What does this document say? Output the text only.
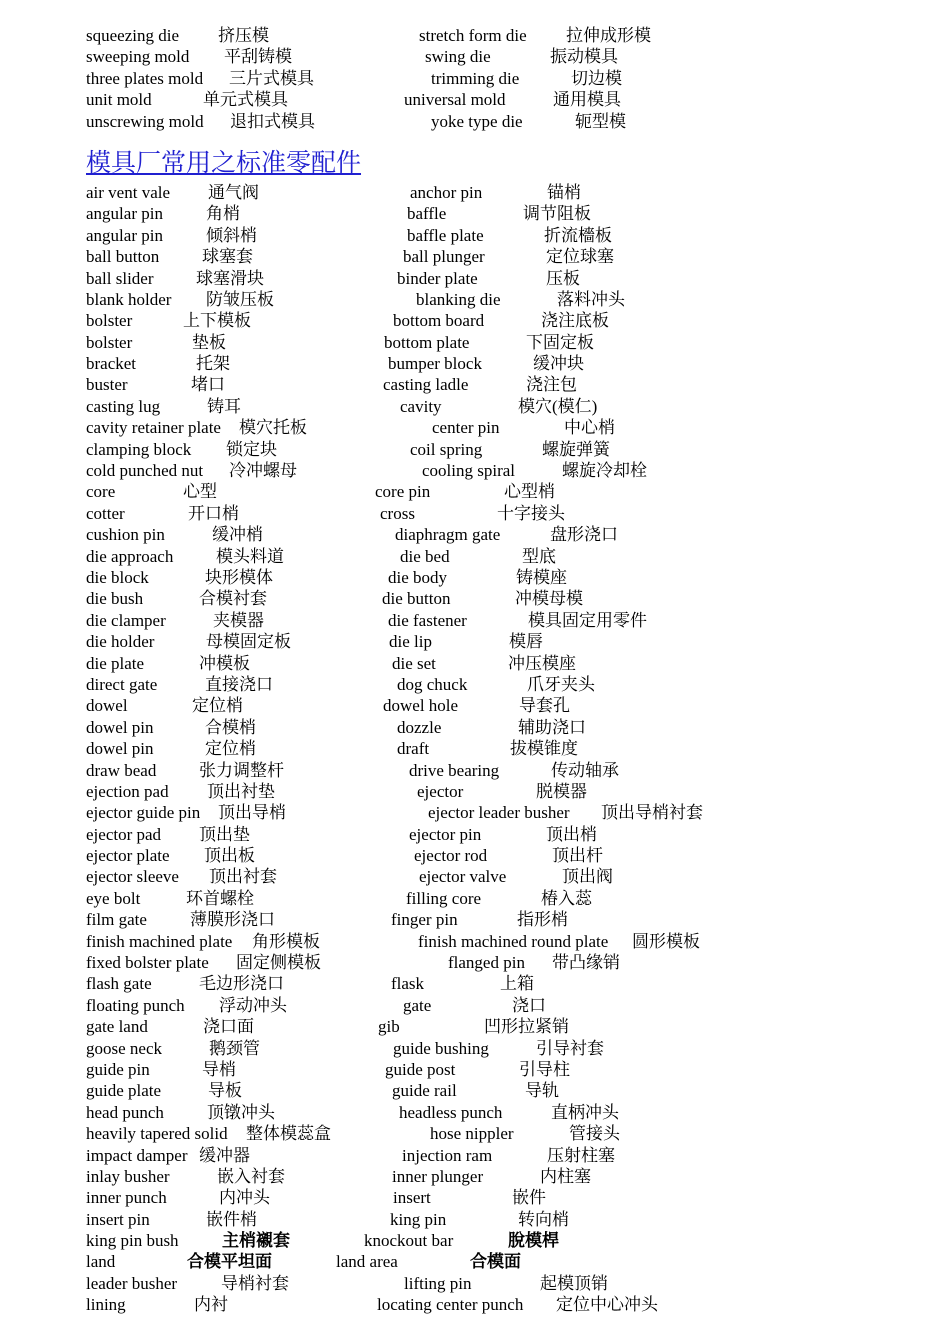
squeezing die 挤压模	stretch form die 拉伸成形模
sweeping mold 平刮铸模	swing die	振动模具
three plates mold 三片式模具	trimming die	切边模
unit mold	单元式模具	universal mold	通用模具
unscrewing mold 退扣式模具	yoke type die	轭型模
模具厂常用之标准零配件
air vent vale 通气阀	anchor pin	锚梢
angular pin	角梢	baffle	调节阻板
angular pin	倾斜梢	baffle plate	折流檣板
ball button	球塞套	ball plunger	定位球塞
ball slider 球塞滑块	binder plate	压板
blank holder 防皱压板	blanking die	落料冲头
bolster	上下模板	bottom board	浇注底板
bolster	垫板	bottom plate	下固定板
bracket	托架	bumper block	缓冲块
buster	堵口	casting ladle	浇注包
casting lug	铸耳	cavity	模穴(模仁)
cavity retainer plate 模穴托板	center pin	中心梢
clamping block 锁定块	coil spring	螺旋弹簧
cold punched nut 冷冲螺母	cooling spiral	螺旋冷却栓
core	心型	core pin	心型梢
cotter	开口梢	cross	十字接头
cushion pin	缓冲梢	diaphragm gate	盘形浇口
die approach	模头料道	die bed	型底
die block	块形模体	die body	铸模座
die bush	合模衬套	die button	冲模母模
die clamper	夹模器	die fastener	模具固定用零件
die holder	母模固定板	die lip	模唇
die plate	冲模板	die set	冲压模座
direct gate	直接浇口	dog chuck	爪牙夹头
dowel	定位梢	dowel hole	导套孔
dowel pin	合模梢	dozzle	辅助浇口
dowel pin	定位梢	draft	拔模锥度
draw bead	张力调整杆	drive bearing	传动轴承
ejection pad 顶出衬垫	ejector	脱模器
ejector guide pin 顶出导梢	ejector leader busher 顶出导梢衬套
ejector pad 顶出垫	ejector pin	顶出梢
ejector plate 顶出板	ejector rod	顶出杆
ejector sleeve 顶出衬套	ejector valve	顶出阀
eye bolt	环首螺栓	filling core	椿入蕊
film gate	薄膜形浇口	finger pin	指形梢
finish machined plate 角形模板	finish machined round plate 圆形模板
fixed bolster plate 固定侧模板	flanged pin 带凸缘销
flash gate	毛边形浇口	flask	上箱
floating punch 浮动冲头	gate	浇口
gate land	浇口面	gib	凹形拉紧销
goose neck	鹅颈管	guide bushing	引导衬套
guide pin	导梢	guide post	引导柱
guide plate	导板	guide rail	导轨
head punch	顶镦冲头	headless punch	直柄冲头
heavily tapered solid 整体模蕊盒	hose nippler	管接头
impact damper 缓冲器	injection ram	压射柱塞
inlay busher	嵌入衬套	inner plunger	内柱塞
inner punch	内冲头	insert	嵌件
insert pin	嵌件梢	king pin	转向梢
king pin bush	主梢襯套	knockout bar	脫模桿
land	合模平坦面	land area	合模面
leader busher	导梢衬套	lifting pin	起模顶销
lining	内衬	locating center punch 定位中心冲头
